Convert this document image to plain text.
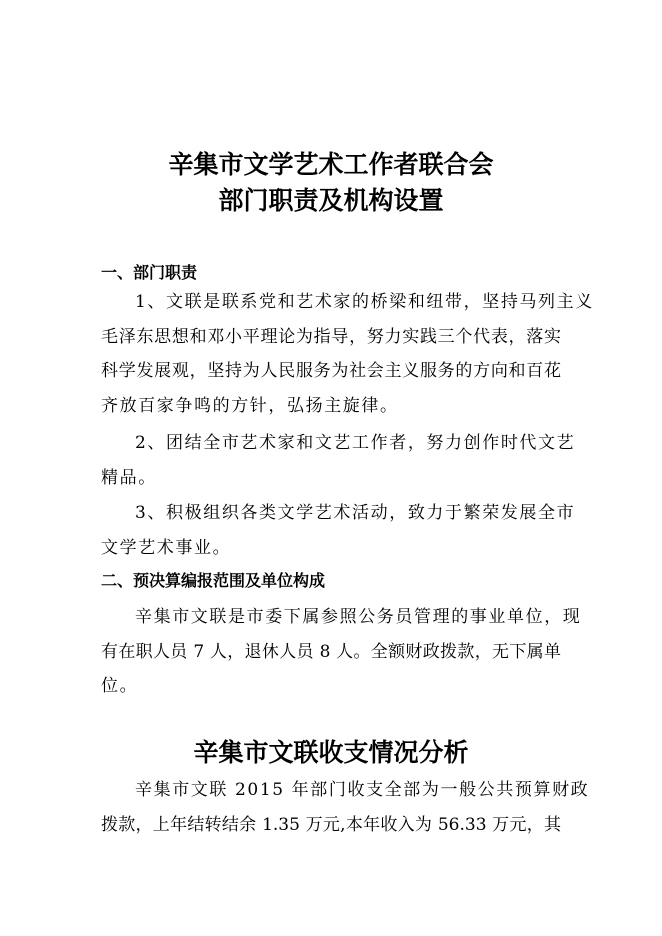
辛集市文学艺术工作者联合会
部门职责及机构设置
一、部门职责
1、文联是联系党和艺术家的桥梁和纽带，坚持马列主义
毛泽东思想和邓小平理论为指导，努力实践三个代表，落实
科学发展观，坚持为人民服务为社会主义服务的方向和百花
齐放百家争鸣的方针，弘扬主旋律。
2、团结全市艺术家和文艺工作者，努力创作时代文艺
精品。
3、积极组织各类文学艺术活动，致力于繁荣发展全市
文学艺术事业。
二、预决算编报范围及单位构成
辛集市文联是市委下属参照公务员管理的事业单位，现
有在职人员 7 人，退休人员 8 人。全额财政拨款，无下属单
位。
辛集市文联收支情况分析
辛集市文联 2015 年部门收支全部为一般公共预算财政
拨款，上年结转结余 1.35 万元,本年收入为 56.33 万元，其
